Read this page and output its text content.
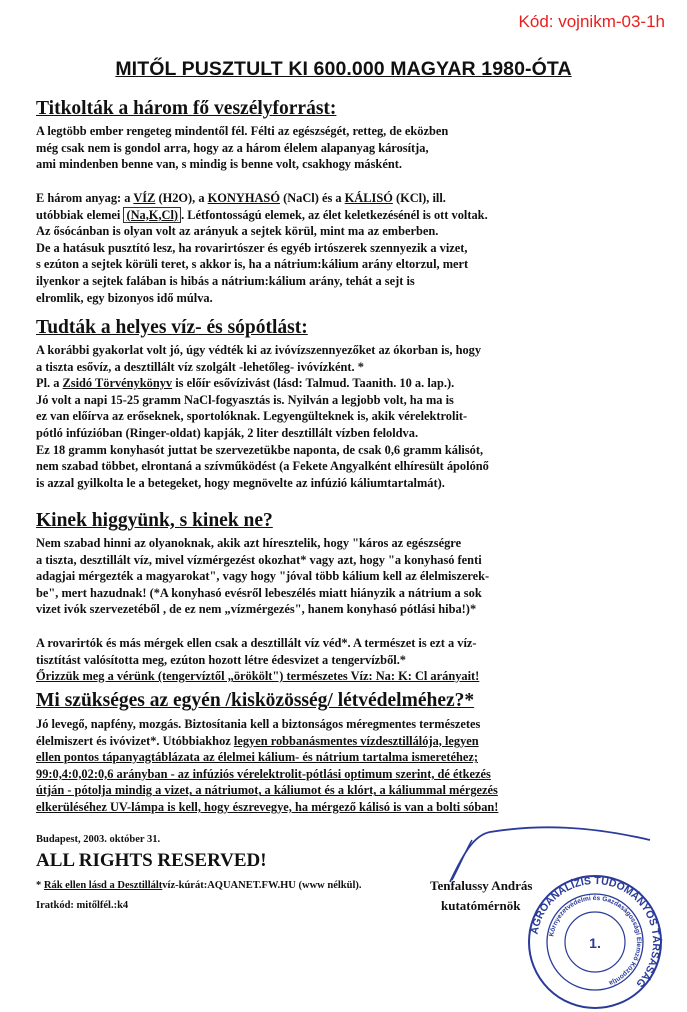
Kód: vojnikm-03-1h
MITŐL PUSZTULT KI 600.000 MAGYAR 1980-ÓTA
Titkolták a három fő veszélyforrást:
A legtöbb ember rengeteg mindentől fél. Félti az egészségét, retteg, de eközben
még csak nem is gondol arra, hogy az a három élelem alapanyag károsítja,
ami mindenben benne van, s mindig is benne volt, csakhogy másként.
E három anyag: a VÍZ (H2O), a KONYHASÓ (NaCl) és a KÁLISÓ (KCl), ill.
utóbbiak elemei (Na,K,Cl) . Létfontosságú elemek, az élet keletkezésénél is ott voltak.
Az ősócánban is olyan volt az arányuk a sejtek körül, mint ma az emberben.
De a hatásuk pusztító lesz, ha rovarirtószer és egyéb irtószerek szennyezik a vizet,
s ezúton a sejtek körüli teret, s akkor is, ha a nátrium:kálium arány eltorzul, mert
ilyenkor a sejtek falában is hibás a nátrium:kálium arány, tehát a sejt is
elromlik, egy bizonyos idő múlva.
Tudták a helyes víz- és sópótlást:
A korábbi gyakorlat volt jó, úgy védték ki az ivóvízszennyezőket az ókorban is, hogy
a tiszta esővíz, a desztillált víz szolgált -lehetőleg- ivóvízként. *
Pl. a Zsidó Törvénykönyv is előír esővízivást (lásd: Talmud. Taanith. 10 a. lap.).
Jó volt a napi 15-25 gramm NaCl-fogyasztás is. Nyilván a legjobb volt, ha ma is
ez van előírva az erőseknek, sportolóknak. Legyengülteknek is, akik vérelektrolit-
pótló infúzióban (Ringer-oldat) kapják, 2 liter desztillált vízben feloldva.
Ez 18 gramm konyhasót juttat be szervezetükbe naponta, de csak 0,6 gramm kálisót,
nem szabad többet, elrontaná a szívműködést (a Fekete Angyalként elhíresült ápolónő
is azzal gyilkolta le a betegeket, hogy megnövelte az infúzió káliumtartalmát).
Kinek higgyünk, s kinek ne?
Nem szabad hinni az olyanoknak, akik azt híresztelik, hogy "káros az egészségre
a tiszta, desztillált víz, mivel vízmérgezést okozhat* vagy azt, hogy "a konyhasó fenti
adagjai mérgezték a magyarokat", vagy hogy "jóval több kálium kell az élelmiszerek-
be", mert hazudnak! (*A konyhasó evésről lebeszélés miatt hiányzik a nátrium a sok
vizet ivók szervezetéből , de ez nem „vízmérgezés", hanem konyhasó pótlási hiba!)*
A rovarirtók és más mérgek ellen csak a desztillált víz véd*. A természet is ezt a víz-
tisztítást valósította meg, ezúton hozott létre édesvizet a tengervízből.*
Őrizzük meg a vérünk (tengervíztől „örökölt") természetes Víz: Na: K: Cl arányait!
Mi szükséges az egyén /kisközösség/ létvédelméhez?*
Jó levegő, napfény, mozgás. Biztosítania kell a biztonságos méregmentes természetes
élelmiszert és ivóvizet*. Utóbbiakhoz legyen robbanásmentes vízdesztillálója, legyen
ellen pontos tápanyagtáblázata az élelmei kálium- és nátrium tartalma ismeretéhez;
99:0,4:0,02:0,6 arányban - az infúziós vérelektrolit-pótlási optimum szerint, dé étkezés
útján - pótolja mindig a vizet, a nátriumot, a káliumot és a klórt, a káliummal mérgezés
elkerüléséhez UV-lámpa is kell, hogy észrevegye, ha mérgező kálisó is van a bolti sóban!
Budapest, 2003. október 31.
ALL RIGHTS RESERVED!
* Rák ellen lásd a Desztilláltvíz-kúrát:AQUANET.FW.HU (www nélkül).
Iratkód: mitőlfél.:k4
Tenfalussy András
kutatómérnök
AGROANALÍZIS TUDOMÁNYOS TÁRSASÁG
Környezetvédelmi és Gazdaságossági Elemző Központja
1.
